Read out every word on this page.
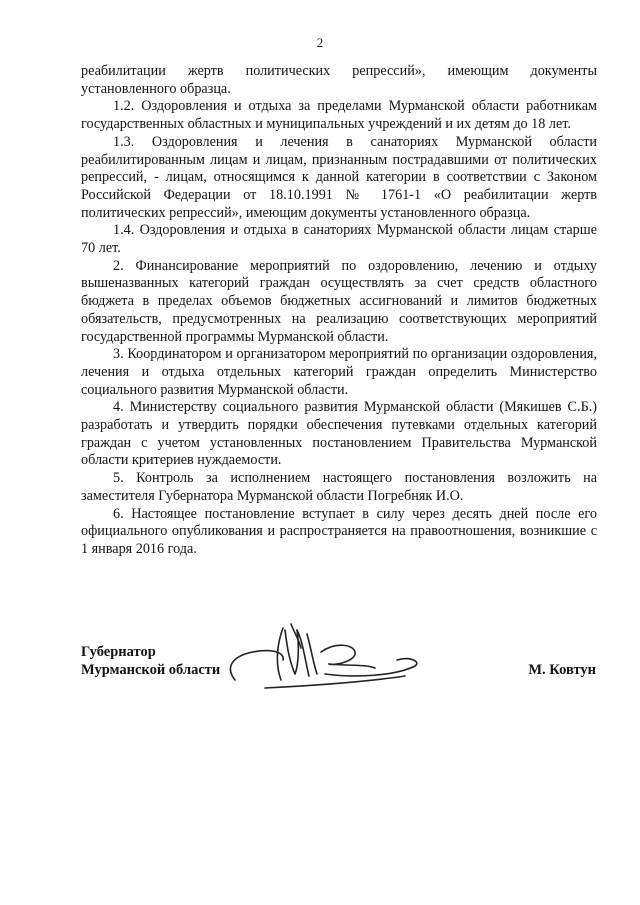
2

реабилитации жертв политических репрессий», имеющим документы установленного образца.

1.2. Оздоровления и отдыха за пределами Мурманской области работникам государственных областных и муниципальных учреждений и их детям до 18 лет.

1.3. Оздоровления и лечения в санаториях Мурманской области реабилитированным лицам и лицам, признанным пострадавшими от политических репрессий, - лицам, относящимся к данной категории в соответствии с Законом Российской Федерации от 18.10.1991 № 1761-1 «О реабилитации жертв политических репрессий», имеющим документы установленного образца.

1.4. Оздоровления и отдыха в санаториях Мурманской области лицам старше 70 лет.

2. Финансирование мероприятий по оздоровлению, лечению и отдыху вышеназванных категорий граждан осуществлять за счет средств областного бюджета в пределах объемов бюджетных ассигнований и лимитов бюджетных обязательств, предусмотренных на реализацию соответствующих мероприятий государственной программы Мурманской области.

3. Координатором и организатором мероприятий по организации оздоровления, лечения и отдыха отдельных категорий граждан определить Министерство социального развития Мурманской области.

4. Министерству социального развития Мурманской области (Мякишев С.Б.) разработать и утвердить порядки обеспечения путевками отдельных категорий граждан с учетом установленных постановлением Правительства Мурманской области критериев нуждаемости.

5. Контроль за исполнением настоящего постановления возложить на заместителя Губернатора Мурманской области Погребняк И.О.

6. Настоящее постановление вступает в силу через десять дней после его официального опубликования и распространяется на правоотношения, возникшие с 1 января 2016 года.

Губернатор
Мурманской области	М. Ковтун
